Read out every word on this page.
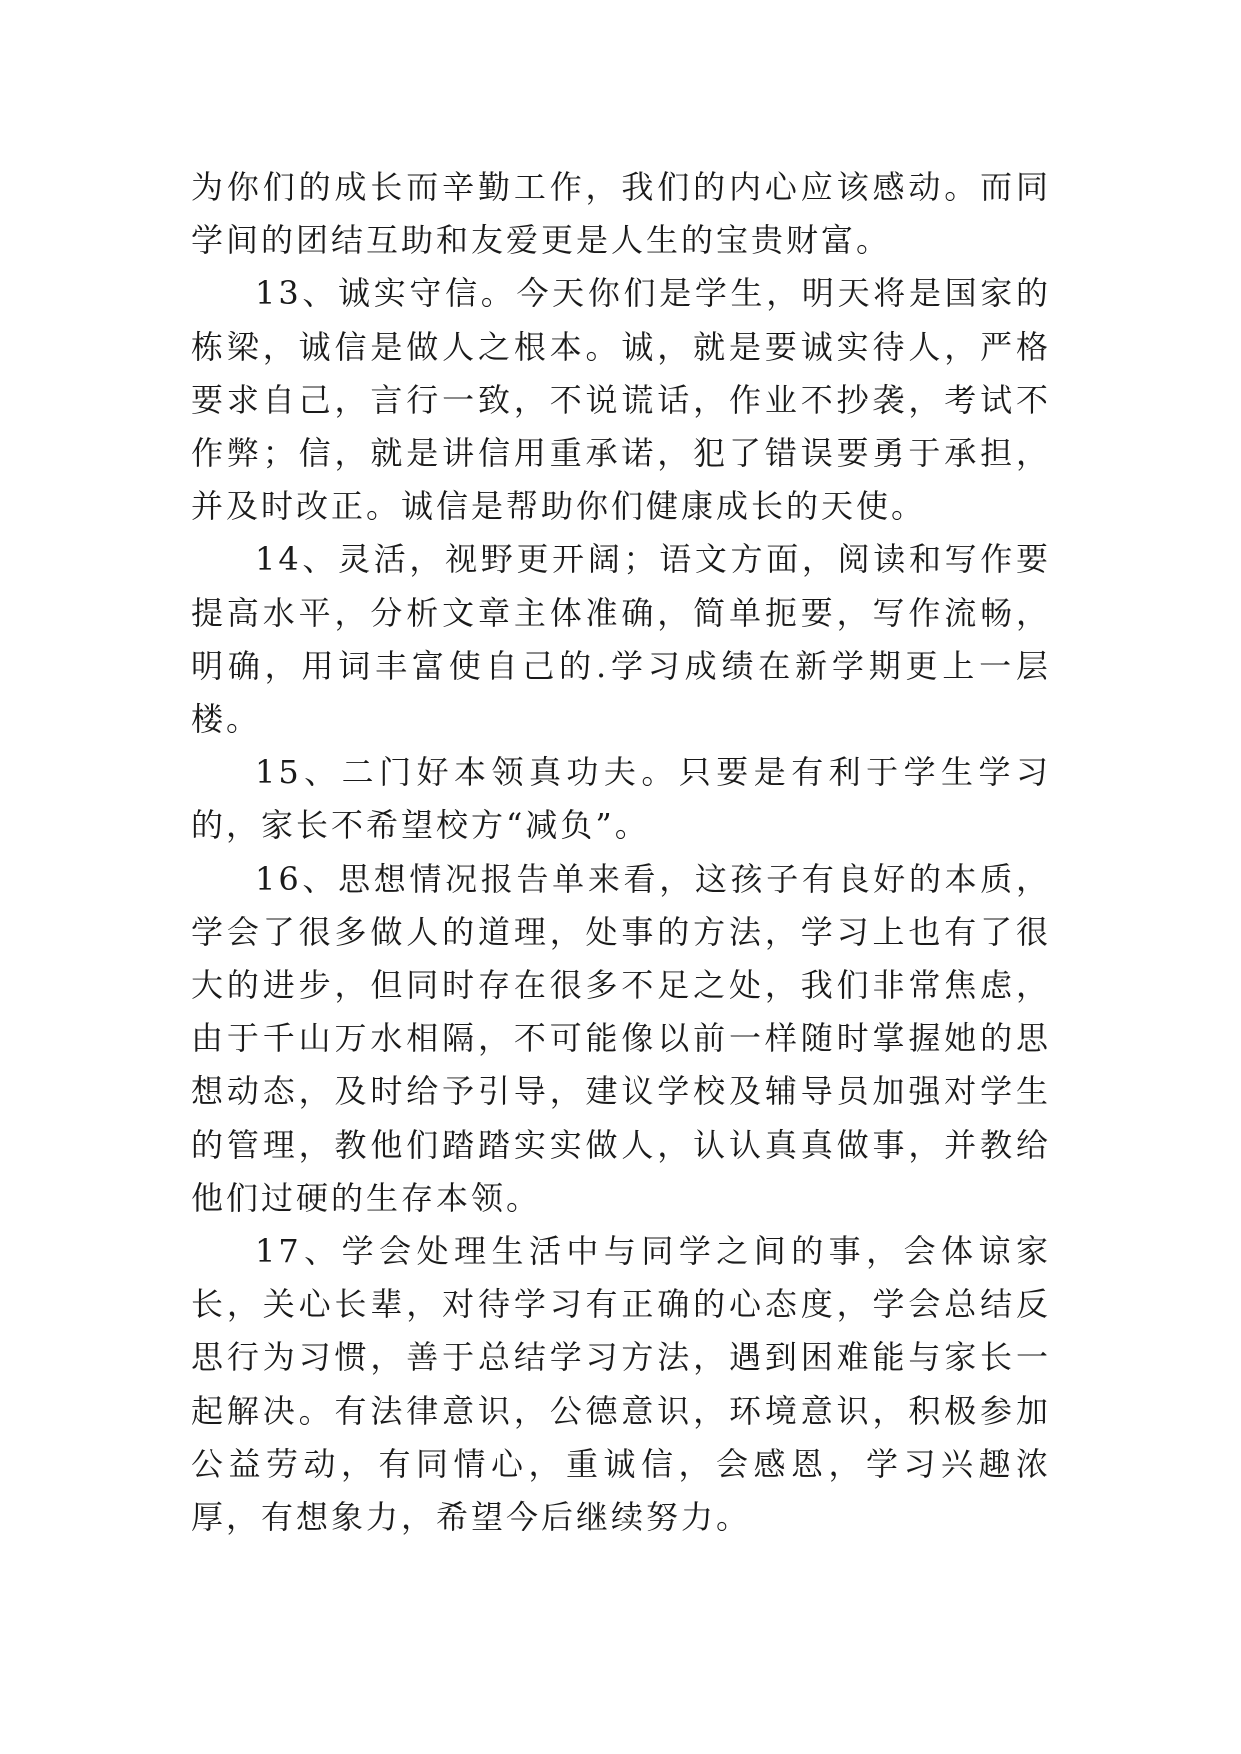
为你们的成长而辛勤工作，我们的内心应该感动。而同学间的团结互助和友爱更是人生的宝贵财富。

13、诚实守信。今天你们是学生，明天将是国家的栋梁，诚信是做人之根本。诚，就是要诚实待人，严格要求自己，言行一致，不说谎话，作业不抄袭，考试不作弊；信，就是讲信用重承诺，犯了错误要勇于承担，并及时改正。诚信是帮助你们健康成长的天使。

14、灵活，视野更开阔；语文方面，阅读和写作要提高水平，分析文章主体准确，简单扼要，写作流畅，明确，用词丰富使自己的.学习成绩在新学期更上一层楼。

15、二门好本领真功夫。只要是有利于学生学习的，家长不希望校方“减负”。

16、思想情况报告单来看，这孩子有良好的本质，学会了很多做人的道理，处事的方法，学习上也有了很大的进步，但同时存在很多不足之处，我们非常焦虑，由于千山万水相隔，不可能像以前一样随时掌握她的思想动态，及时给予引导，建议学校及辅导员加强对学生的管理，教他们踏踏实实做人，认认真真做事，并教给他们过硬的生存本领。

17、学会处理生活中与同学之间的事，会体谅家长，关心长辈，对待学习有正确的心态度，学会总结反思行为习惯，善于总结学习方法，遇到困难能与家长一起解决。有法律意识，公德意识，环境意识，积极参加公益劳动，有同情心，重诚信，会感恩，学习兴趣浓厚，有想象力，希望今后继续努力。
